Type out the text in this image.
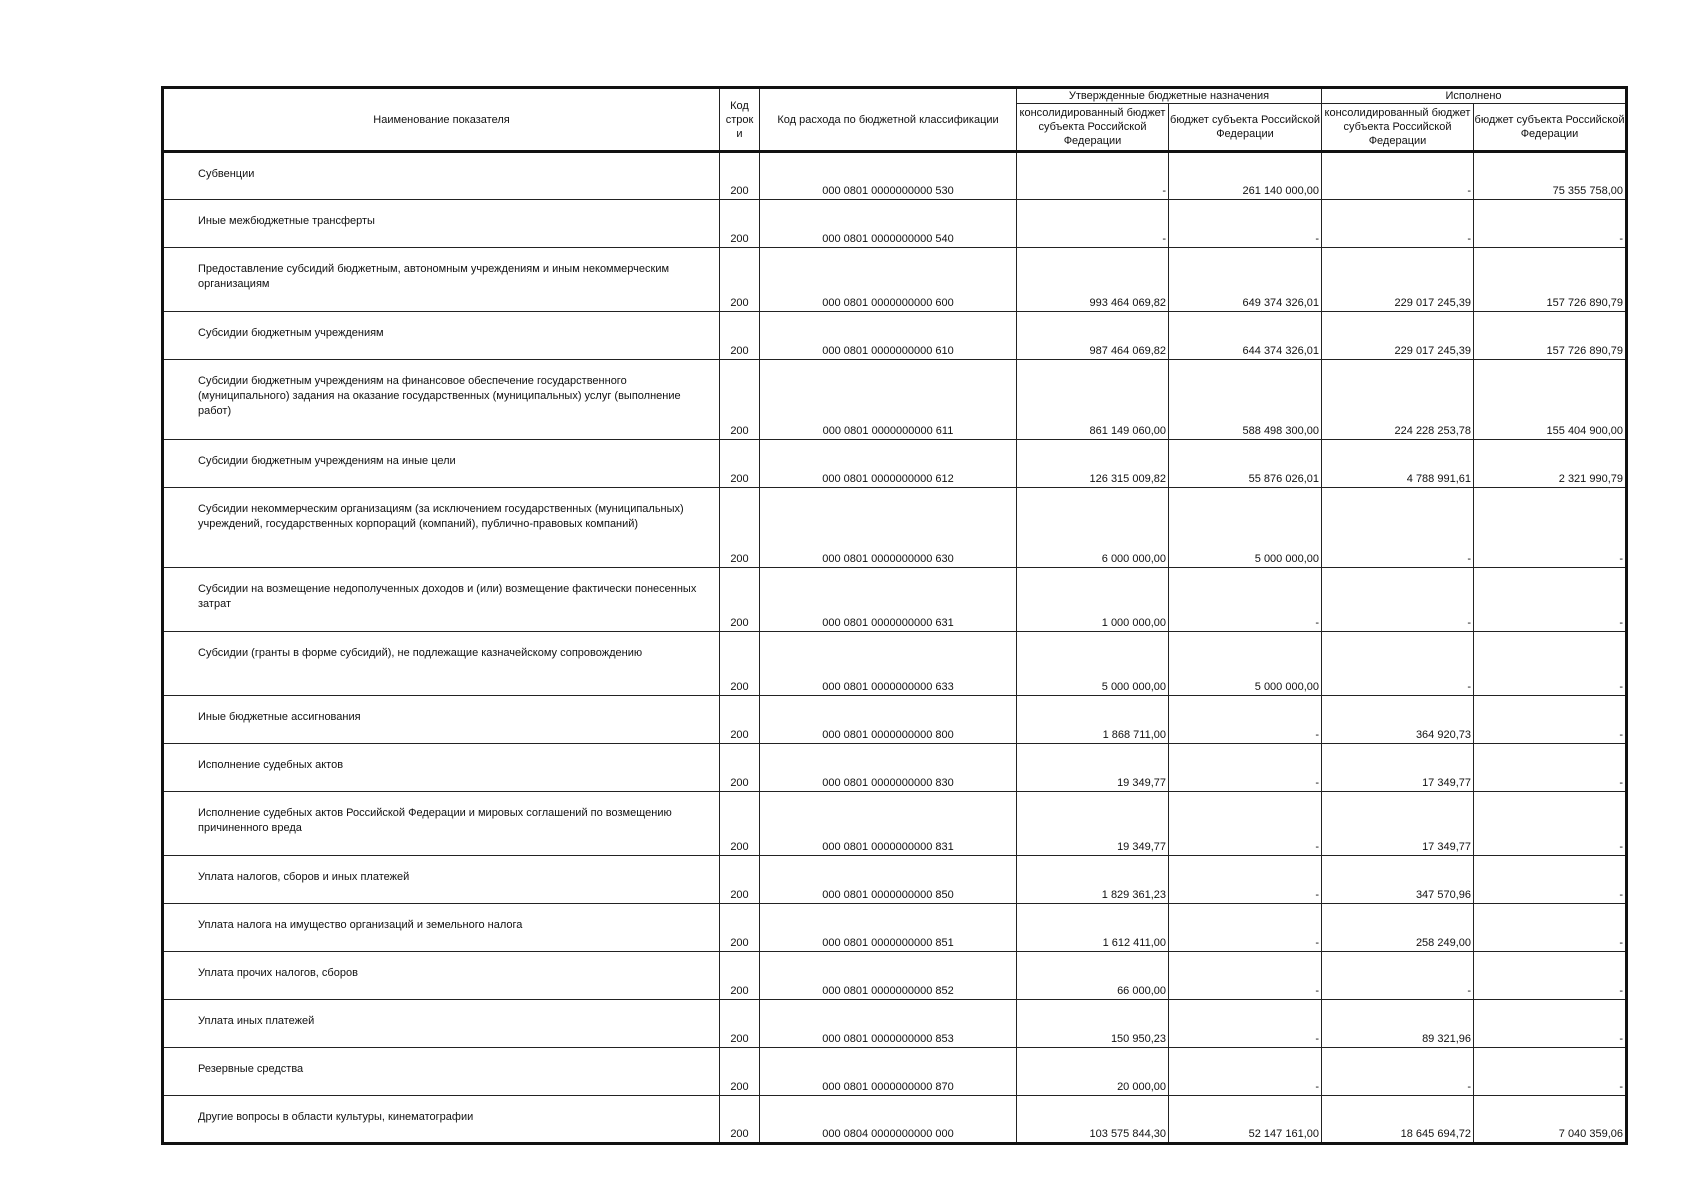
Наименование показателя	Код строк и	Код расхода по бюджетной классификации	Утвержденные бюджетные назначения		Исполнено	
			консолидированный бюджет субъекта Российской Федерации	бюджет субъекта Российской Федерации	консолидированный бюджет субъекта Российской Федерации	бюджет субъекта Российской Федерации
Субвенции	200	000 0801 0000000000 530	-	261 140 000,00	-	75 355 758,00
Иные межбюджетные трансферты	200	000 0801 0000000000 540	-	-	-	-
Предоставление субсидий бюджетным, автономным учреждениям и иным некоммерческим организациям	200	000 0801 0000000000 600	993 464 069,82	649 374 326,01	229 017 245,39	157 726 890,79
Субсидии бюджетным учреждениям	200	000 0801 0000000000 610	987 464 069,82	644 374 326,01	229 017 245,39	157 726 890,79
Субсидии бюджетным учреждениям на финансовое обеспечение государственного (муниципального) задания на оказание государственных (муниципальных) услуг (выполнение работ)	200	000 0801 0000000000 611	861 149 060,00	588 498 300,00	224 228 253,78	155 404 900,00
Субсидии бюджетным учреждениям на иные цели	200	000 0801 0000000000 612	126 315 009,82	55 876 026,01	4 788 991,61	2 321 990,79
Субсидии некоммерческим организациям (за исключением государственных (муниципальных) учреждений, государственных корпораций (компаний), публично-правовых компаний)	200	000 0801 0000000000 630	6 000 000,00	5 000 000,00	-	-
Субсидии на возмещение недополученных доходов и (или) возмещение фактически понесенных затрат	200	000 0801 0000000000 631	1 000 000,00	-	-	-
Субсидии (гранты в форме субсидий), не подлежащие казначейскому сопровождению	200	000 0801 0000000000 633	5 000 000,00	5 000 000,00	-	-
Иные бюджетные ассигнования	200	000 0801 0000000000 800	1 868 711,00	-	364 920,73	-
Исполнение судебных актов	200	000 0801 0000000000 830	19 349,77	-	17 349,77	-
Исполнение судебных актов Российской Федерации и мировых соглашений по возмещению причиненного вреда	200	000 0801 0000000000 831	19 349,77	-	17 349,77	-
Уплата налогов, сборов и иных платежей	200	000 0801 0000000000 850	1 829 361,23	-	347 570,96	-
Уплата налога на имущество организаций и земельного налога	200	000 0801 0000000000 851	1 612 411,00	-	258 249,00	-
Уплата прочих налогов, сборов	200	000 0801 0000000000 852	66 000,00	-	-	-
Уплата иных платежей	200	000 0801 0000000000 853	150 950,23	-	89 321,96	-
Резервные средства	200	000 0801 0000000000 870	20 000,00	-	-	-
Другие вопросы в области культуры, кинематографии	200	000 0804 0000000000 000	103 575 844,30	52 147 161,00	18 645 694,72	7 040 359,06
